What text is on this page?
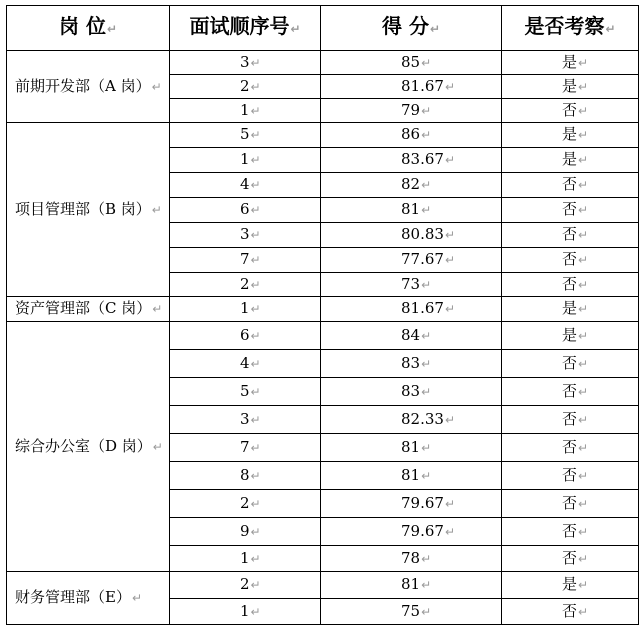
岗 位↵	面试顺序号↵	得 分↵	是否考察↵
前期开发部（A 岗）↵	3↵	85↵	是↵
	2↵	81.67↵	是↵
	1↵	79↵	否↵
项目管理部（B 岗）↵	5↵	86↵	是↵
	1↵	83.67↵	是↵
	4↵	82↵	否↵
	6↵	81↵	否↵
	3↵	80.83↵	否↵
	7↵	77.67↵	否↵
	2↵	73↵	否↵
资产管理部（C 岗）↵	1↵	81.67↵	是↵
综合办公室（D 岗）↵	6↵	84↵	是↵
	4↵	83↵	否↵
	5↵	83↵	否↵
	3↵	82.33↵	否↵
	7↵	81↵	否↵
	8↵	81↵	否↵
	2↵	79.67↵	否↵
	9↵	79.67↵	否↵
	1↵	78↵	否↵
财务管理部（E）↵	2↵	81↵	是↵
	1↵	75↵	否↵
